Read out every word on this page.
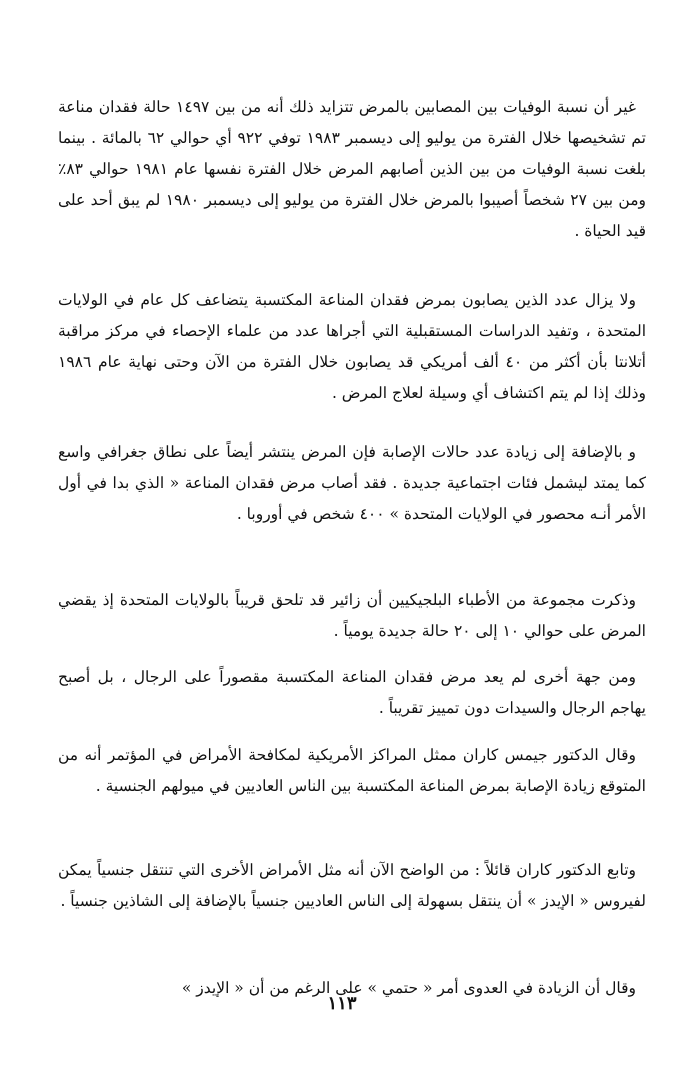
غير أن نسبة الوفيات بين المصابين بالمرض تتزايد ذلك أنه من بين ١٤٩٧ حالة فقدان مناعة تم تشخيصها خلال الفترة من يوليو إلى ديسمبر ١٩٨٣ توفي ٩٢٢ أي حوالي ٦٢ بالمائة . بينما بلغت نسبة الوفيات من بين الذين أصابهم المرض خلال الفترة نفسها عام ١٩٨١ حوالي ٨٣٪ ومن بين ٢٧ شخصاً أصيبوا بالمرض خلال الفترة من يوليو إلى ديسمبر ١٩٨٠ لم يبق أحد على قيد الحياة .

ولا يزال عدد الذين يصابون بمرض فقدان المناعة المكتسبة يتضاعف كل عام في الولايات المتحدة ، وتفيد الدراسات المستقبلية التي أجراها عدد من علماء الإحصاء في مركز مراقبة أتلانتا بأن أكثر من ٤٠ ألف أمريكي قد يصابون خلال الفترة من الآن وحتى نهاية عام ١٩٨٦ وذلك إذا لم يتم اكتشاف أي وسيلة لعلاج المرض .

و بالإضافة إلى زيادة عدد حالات الإصابة فإن المرض ينتشر أيضاً على نطاق جغرافي واسع كما يمتد ليشمل فئات اجتماعية جديدة . فقد أصاب مرض فقدان المناعة « الذي بدا في أول الأمر أنـه محصور في الولايات المتحدة » ٤٠٠ شخص في أوروبا .

وذكرت مجموعة من الأطباء البلجيكيين أن زائير قد تلحق قريباً بالولايات المتحدة إذ يقضي المرض على حوالي ١٠ إلى ٢٠ حالة جديدة يومياً .

ومن جهة أخرى لم يعد مرض فقدان المناعة المكتسبة مقصوراً على الرجال ، بل أصبح يهاجم الرجال والسيدات دون تمييز تقريباً .

وقال الدكتور جيمس كاران ممثل المراكز الأمريكية لمكافحة الأمراض في المؤتمر أنه من المتوقع زيادة الإصابة بمرض المناعة المكتسبة بين الناس العاديين في ميولهم الجنسية .

وتابع الدكتور كاران قائلاً : من الواضح الآن أنه مثل الأمراض الأخرى التي تنتقل جنسياً يمكن لفيروس « الإيدز » أن ينتقل بسهولة إلى الناس العاديين جنسياً بالإضافة إلى الشاذين جنسياً .

وقال أن الزيادة في العدوى أمر « حتمي » على الرغم من أن « الإيدز »

١١٣
